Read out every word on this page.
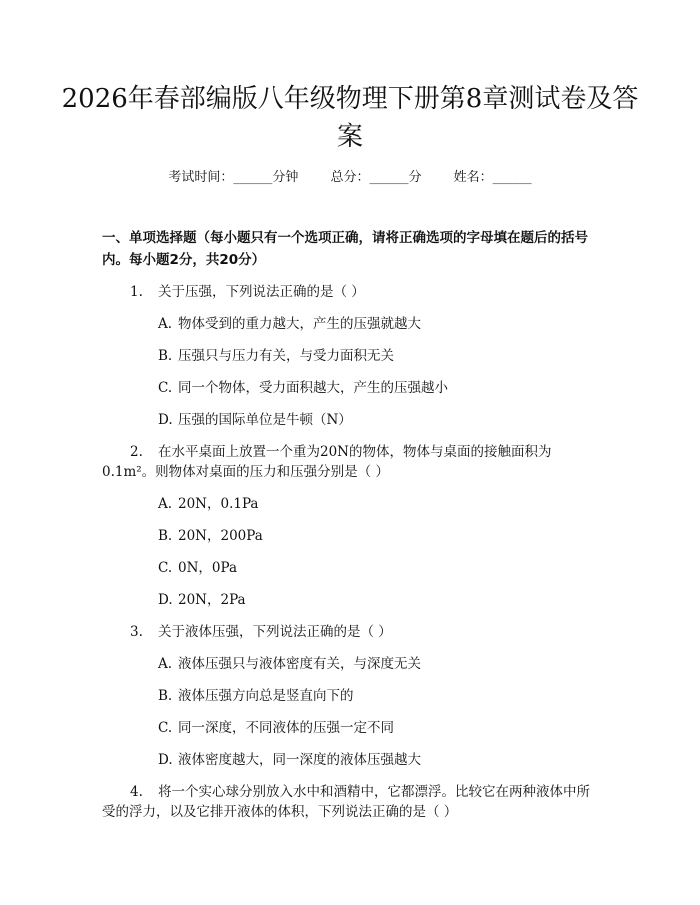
2026年春部编版八年级物理下册第8章测试卷及答案
考试时间：______分钟 总分：______分 姓名：______
一、单项选择题（每小题只有一个选项正确，请将正确选项的字母填在题后的括号内。每小题2分，共20分）
1. 关于压强，下列说法正确的是（ ）
A. 物体受到的重力越大，产生的压强就越大
B. 压强只与压力有关，与受力面积无关
C. 同一个物体，受力面积越大，产生的压强越小
D. 压强的国际单位是牛顿（N）
2. 在水平桌面上放置一个重为20N的物体，物体与桌面的接触面积为
0.1m²。则物体对桌面的压力和压强分别是（ ）
A. 20N，0.1Pa
B. 20N，200Pa
C. 0N，0Pa
D. 20N，2Pa
3. 关于液体压强，下列说法正确的是（ ）
A. 液体压强只与液体密度有关，与深度无关
B. 液体压强方向总是竖直向下的
C. 同一深度，不同液体的压强一定不同
D. 液体密度越大，同一深度的液体压强越大
4. 将一个实心球分别放入水中和酒精中，它都漂浮。比较它在两种液体中所
受的浮力，以及它排开液体的体积，下列说法正确的是（ ）
